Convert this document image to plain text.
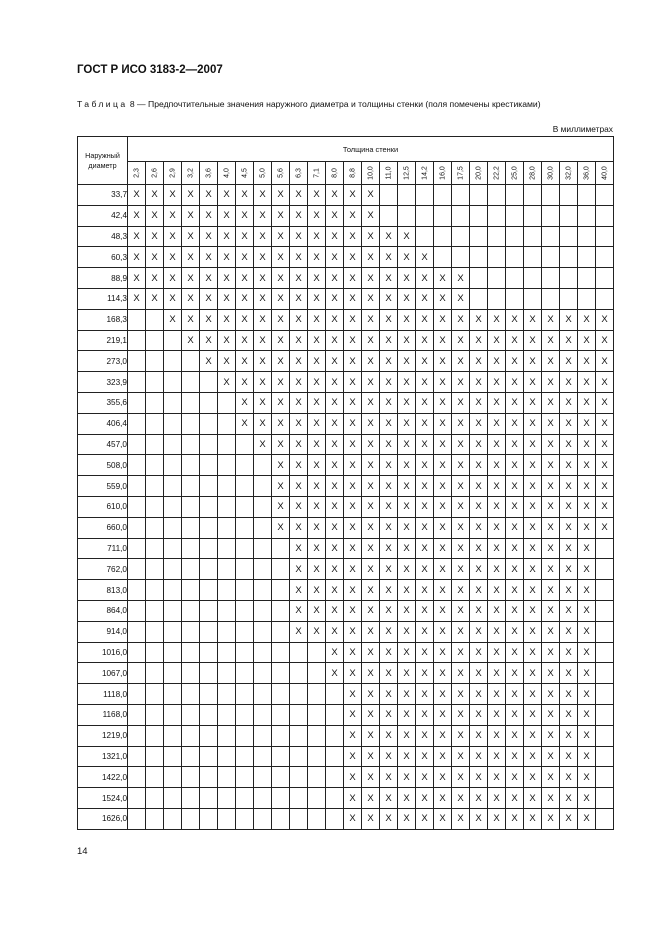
ГОСТ Р ИСО 3183-2—2007
Таблица 8 — Предпочтительные значения наружного диаметра и толщины стенки (поля помечены крестиками)
В миллиметрах
Наружный диаметр	Толщина стенки																										

	2,3	2,6	2,9	3,2	3,6	4,0	4,5	5,0	5,6	6,3	7,1	8,0	8,8	10,0	11,0	12,5	14,2	16,0	17,5	20,0	22,2	25,0	28,0	30,0	32,0	36,0	40,0

33,7	X	X	X	X	X	X	X	X	X	X	X	X	X	X													
42,4	X	X	X	X	X	X	X	X	X	X	X	X	X	X													
48,3	X	X	X	X	X	X	X	X	X	X	X	X	X	X	X	X											
60,3	X	X	X	X	X	X	X	X	X	X	X	X	X	X	X	X	X										
88,9	X	X	X	X	X	X	X	X	X	X	X	X	X	X	X	X	X	X	X								
114,3	X	X	X	X	X	X	X	X	X	X	X	X	X	X	X	X	X	X	X								
168,3			X	X	X	X	X	X	X	X	X	X	X	X	X	X	X	X	X	X	X	X	X	X	X	X	X
219,1				X	X	X	X	X	X	X	X	X	X	X	X	X	X	X	X	X	X	X	X	X	X	X	X
273,0					X	X	X	X	X	X	X	X	X	X	X	X	X	X	X	X	X	X	X	X	X	X	X
323,9						X	X	X	X	X	X	X	X	X	X	X	X	X	X	X	X	X	X	X	X	X	X
355,6							X	X	X	X	X	X	X	X	X	X	X	X	X	X	X	X	X	X	X	X	X
406,4							X	X	X	X	X	X	X	X	X	X	X	X	X	X	X	X	X	X	X	X	X
457,0								X	X	X	X	X	X	X	X	X	X	X	X	X	X	X	X	X	X	X	X
508,0									X	X	X	X	X	X	X	X	X	X	X	X	X	X	X	X	X	X	X
559,0									X	X	X	X	X	X	X	X	X	X	X	X	X	X	X	X	X	X	X
610,0									X	X	X	X	X	X	X	X	X	X	X	X	X	X	X	X	X	X	X
660,0									X	X	X	X	X	X	X	X	X	X	X	X	X	X	X	X	X	X	X
711,0										X	X	X	X	X	X	X	X	X	X	X	X	X	X	X	X	X	
762,0										X	X	X	X	X	X	X	X	X	X	X	X	X	X	X	X	X	
813,0										X	X	X	X	X	X	X	X	X	X	X	X	X	X	X	X	X	
864,0										X	X	X	X	X	X	X	X	X	X	X	X	X	X	X	X	X	
914,0										X	X	X	X	X	X	X	X	X	X	X	X	X	X	X	X	X	
1016,0												X	X	X	X	X	X	X	X	X	X	X	X	X	X	X	
1067,0												X	X	X	X	X	X	X	X	X	X	X	X	X	X	X	
1118,0													X	X	X	X	X	X	X	X	X	X	X	X	X	X	
1168,0													X	X	X	X	X	X	X	X	X	X	X	X	X	X	
1219,0													X	X	X	X	X	X	X	X	X	X	X	X	X	X	
1321,0													X	X	X	X	X	X	X	X	X	X	X	X	X	X	
1422,0													X	X	X	X	X	X	X	X	X	X	X	X	X	X	
1524,0													X	X	X	X	X	X	X	X	X	X	X	X	X	X	
1626,0													X	X	X	X	X	X	X	X	X	X	X	X	X	X	
14
